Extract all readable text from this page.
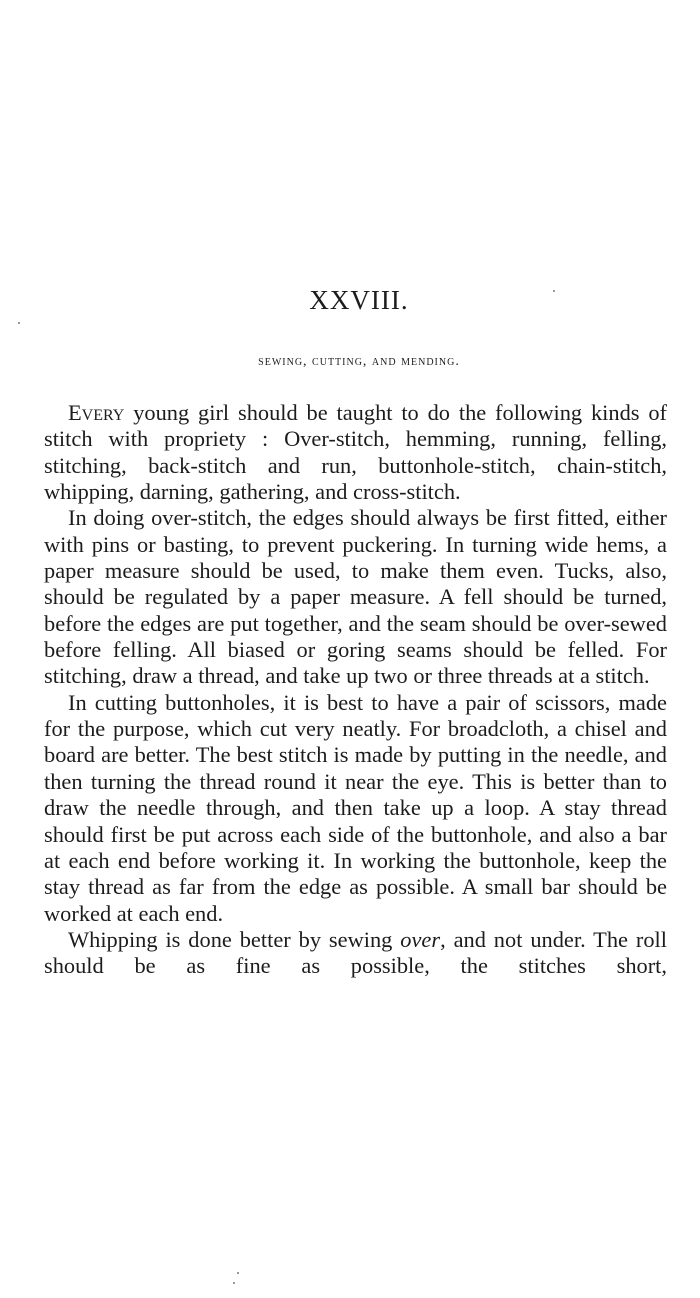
XXVIII.
sewing, cutting, and mending.

Every young girl should be taught to do the following kinds of stitch with propriety : Over-stitch, hemming, running, felling, stitching, back-stitch and run, buttonhole-stitch, chain-stitch, whipping, darning, gathering, and cross-stitch.

In doing over-stitch, the edges should always be first fitted, either with pins or basting, to prevent puckering. In turning wide hems, a paper measure should be used, to make them even. Tucks, also, should be regulated by a paper measure. A fell should be turned, before the edges are put together, and the seam should be over-sewed before felling. All biased or goring seams should be felled. For stitching, draw a thread, and take up two or three threads at a stitch.

In cutting buttonholes, it is best to have a pair of scissors, made for the purpose, which cut very neatly. For broadcloth, a chisel and board are better. The best stitch is made by putting in the needle, and then turning the thread round it near the eye. This is better than to draw the needle through, and then take up a loop. A stay thread should first be put across each side of the buttonhole, and also a bar at each end before working it. In working the buttonhole, keep the stay thread as far from the edge as possible. A small bar should be worked at each end.

Whipping is done better by sewing over, and not under. The roll should be as fine as possible, the stitches short,
